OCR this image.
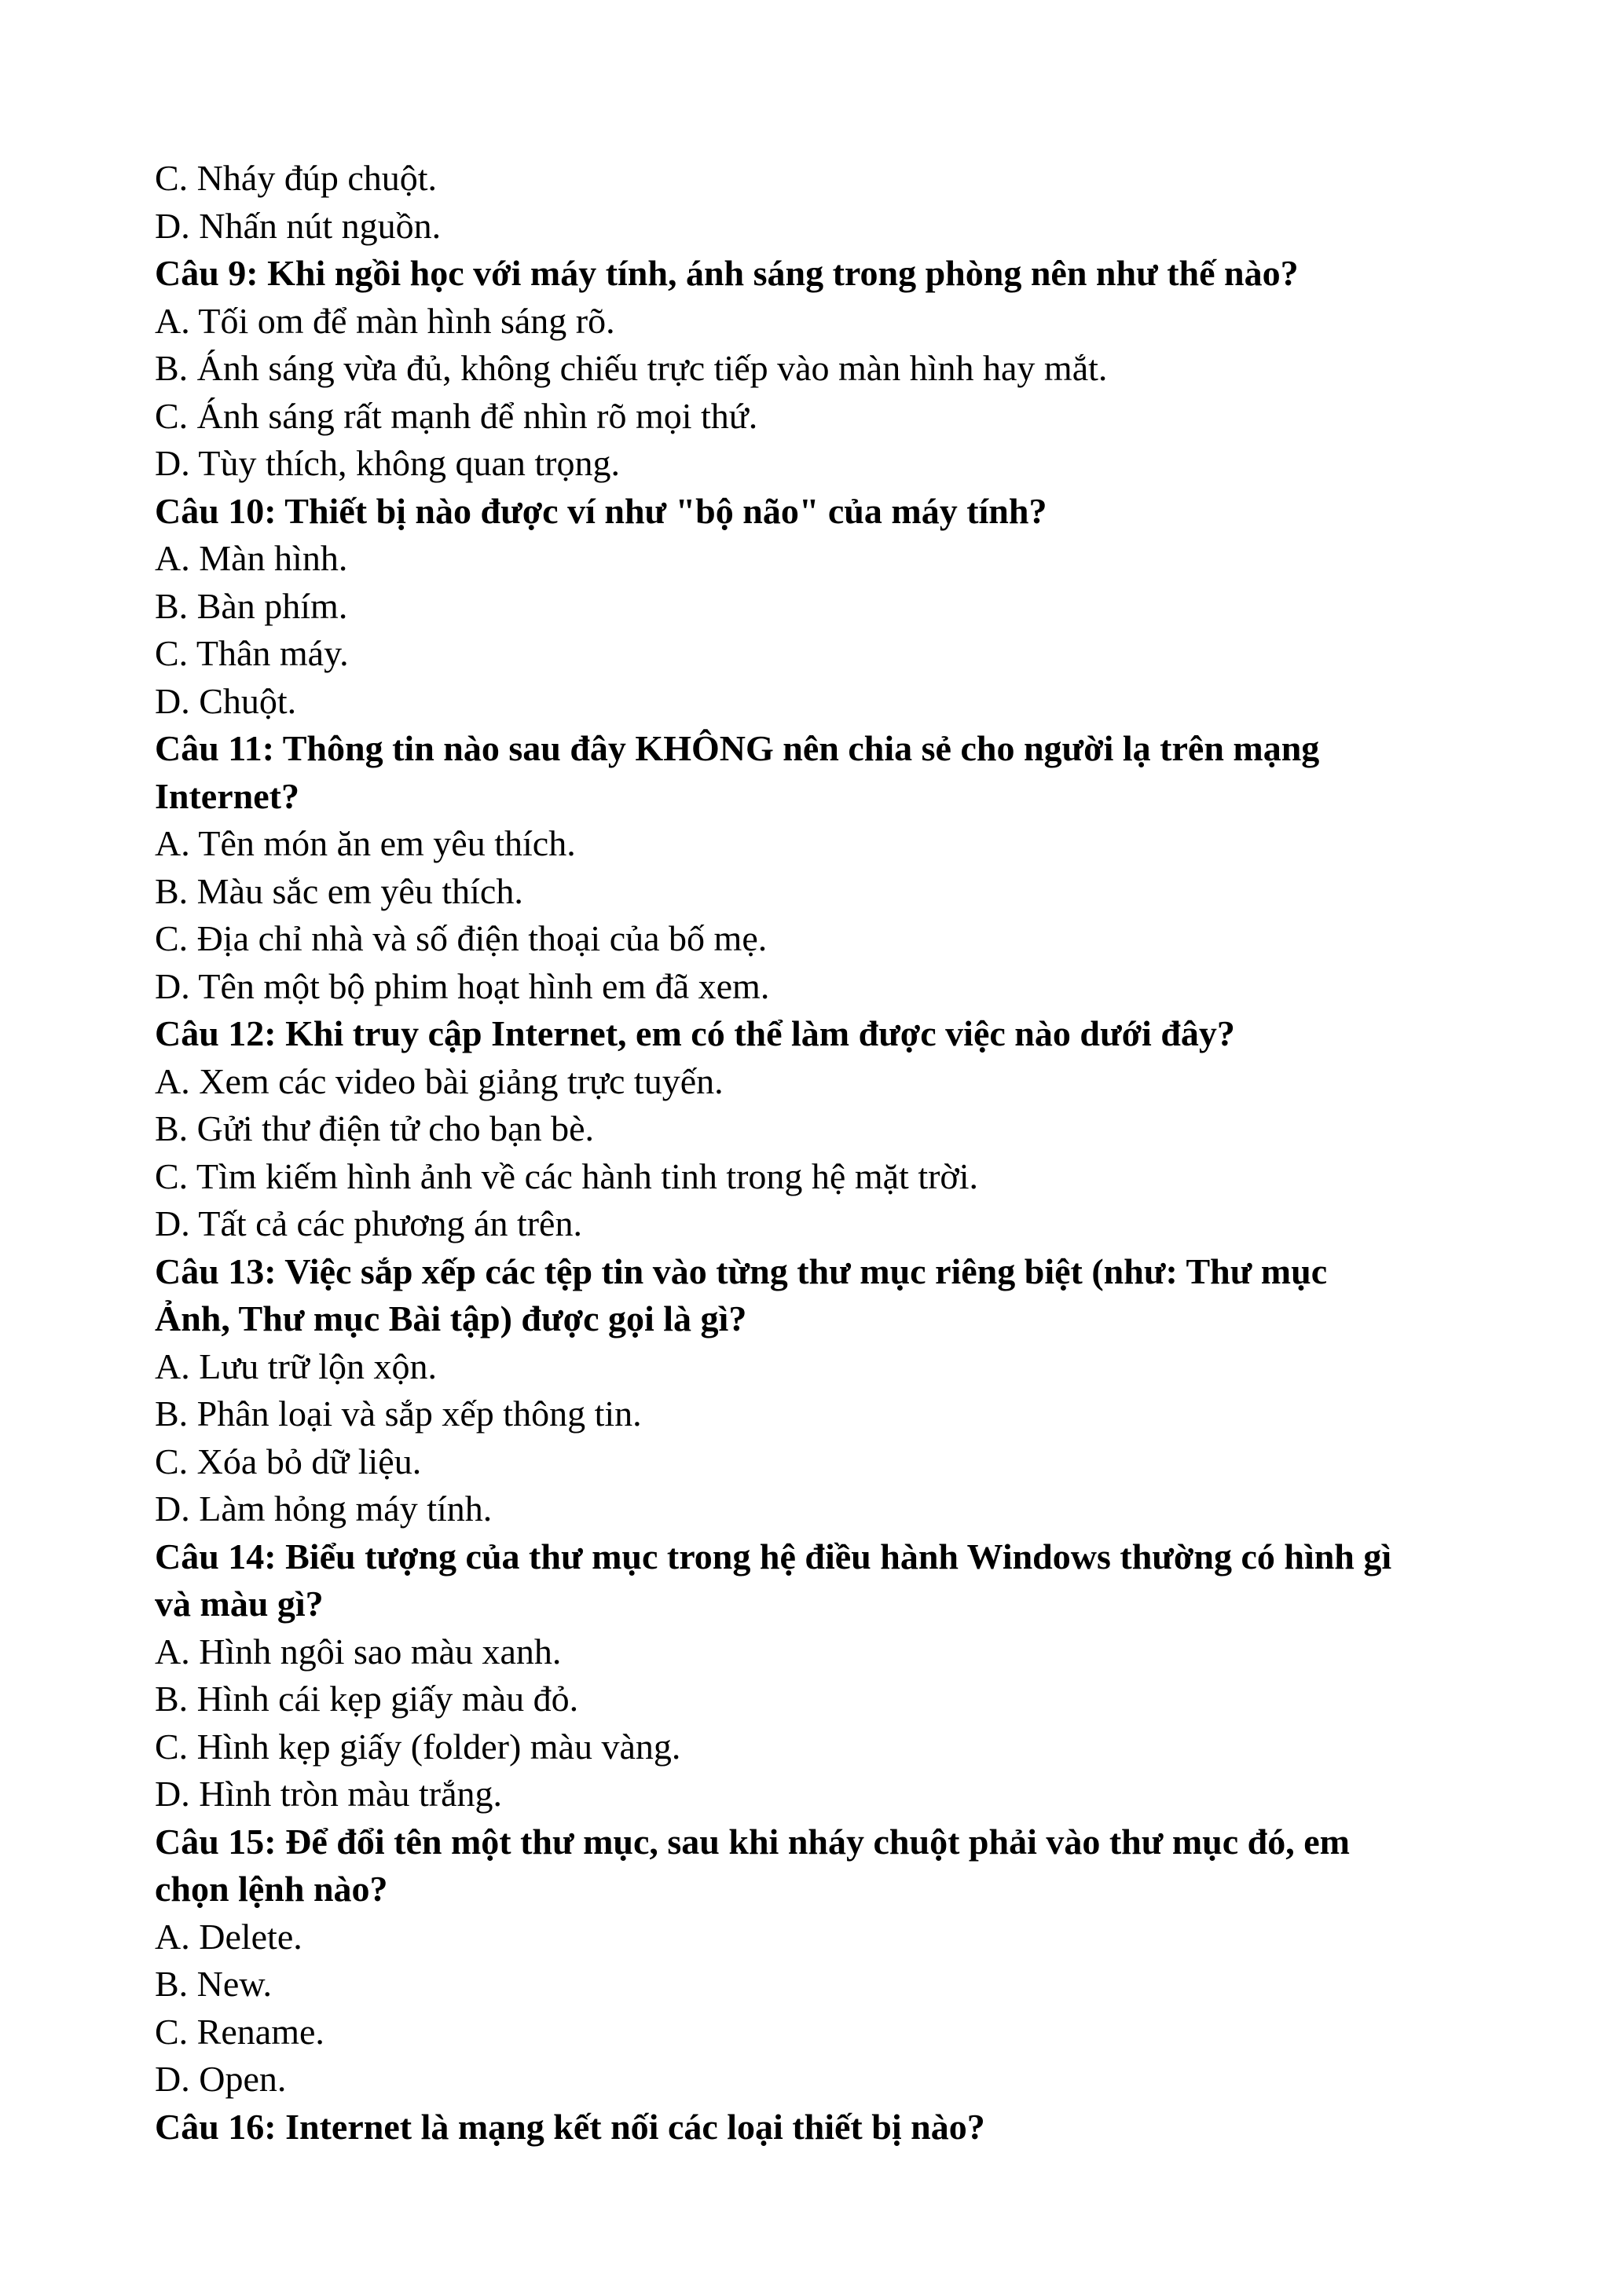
C. Nháy đúp chuột.

D. Nhấn nút nguồn.

Câu 9: Khi ngồi học với máy tính, ánh sáng trong phòng nên như thế nào?

A. Tối om để màn hình sáng rõ.

B. Ánh sáng vừa đủ, không chiếu trực tiếp vào màn hình hay mắt.

C. Ánh sáng rất mạnh để nhìn rõ mọi thứ.

D. Tùy thích, không quan trọng.

Câu 10: Thiết bị nào được ví như "bộ não" của máy tính?

A. Màn hình.

B. Bàn phím.

C. Thân máy.

D. Chuột.

Câu 11: Thông tin nào sau đây KHÔNG nên chia sẻ cho người lạ trên mạng

Internet?

A. Tên món ăn em yêu thích.

B. Màu sắc em yêu thích.

C. Địa chỉ nhà và số điện thoại của bố mẹ.

D. Tên một bộ phim hoạt hình em đã xem.

Câu 12: Khi truy cập Internet, em có thể làm được việc nào dưới đây?

A. Xem các video bài giảng trực tuyến.

B. Gửi thư điện tử cho bạn bè.

C. Tìm kiếm hình ảnh về các hành tinh trong hệ mặt trời.

D. Tất cả các phương án trên.

Câu 13: Việc sắp xếp các tệp tin vào từng thư mục riêng biệt (như: Thư mục

Ảnh, Thư mục Bài tập) được gọi là gì?

A. Lưu trữ lộn xộn.

B. Phân loại và sắp xếp thông tin.

C. Xóa bỏ dữ liệu.

D. Làm hỏng máy tính.

Câu 14: Biểu tượng của thư mục trong hệ điều hành Windows thường có hình gì

và màu gì?

A. Hình ngôi sao màu xanh.

B. Hình cái kẹp giấy màu đỏ.

C. Hình kẹp giấy (folder) màu vàng.

D. Hình tròn màu trắng.

Câu 15: Để đổi tên một thư mục, sau khi nháy chuột phải vào thư mục đó, em

chọn lệnh nào?

A. Delete.

B. New.

C. Rename.

D. Open.

Câu 16: Internet là mạng kết nối các loại thiết bị nào?
